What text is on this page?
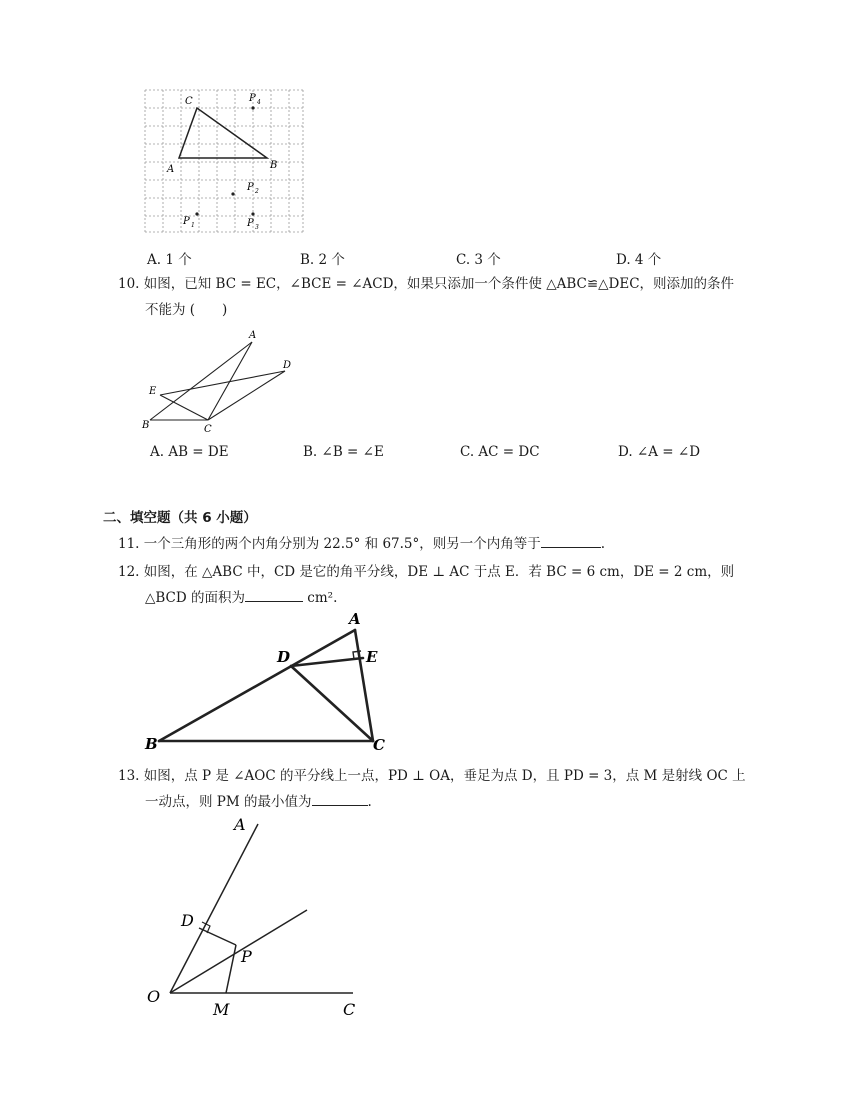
C
A	B
P 4
P 2
P 1	P 3
A. 1 个	B. 2 个	C. 3 个	D. 4 个
10. 如图，已知 BC = EC，∠BCE = ∠ACD，如果只添加一个条件使 △ABC≌△DEC，则添加的条件
不能为 (　　)
A
D
E
B	C
A. AB = DE	B. ∠B = ∠E	C. AC = DC	D. ∠A = ∠D
二、填空题（共 6 小题）
11. 一个三角形的两个内角分别为 22.5° 和 67.5°，则另一个内角等于	.
12. 如图，在 △ABC 中，CD 是它的角平分线，DE ⊥ AC 于点 E．若 BC = 6 cm，DE = 2 cm，则
△BCD 的面积为	cm².
A
D	E
B	C
13. 如图，点 P 是 ∠AOC 的平分线上一点，PD ⊥ OA，垂足为点 D，且 PD = 3，点 M 是射线 OC 上
一动点，则 PM 的最小值为	.
A
D
P
O
M	C
